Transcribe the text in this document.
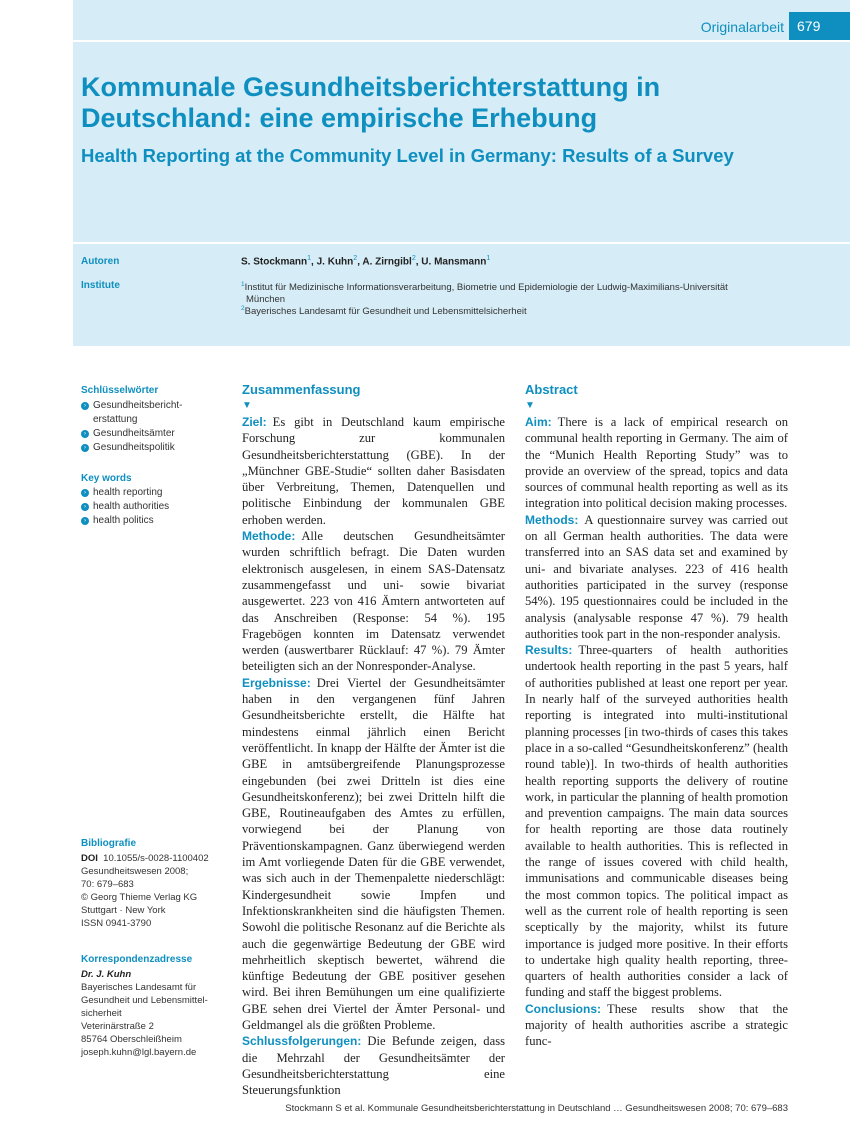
Originalarbeit 679
Kommunale Gesundheitsberichterstattung in Deutschland: eine empirische Erhebung
Health Reporting at the Community Level in Germany: Results of a Survey
Autoren
Institute
S. Stockmann$^1$, J. Kuhn$^2$, A. Zirngibl$^2$, U. Mansmann$^1$
$^1$Institut für Medizinische Informationsverarbeitung, Biometrie und Epidemiologie der Ludwig-Maximilians-Universität
München
$^2$Bayerisches Landesamt für Gesundheit und Lebensmittelsicherheit
Schlüsselwörter
› Gesundheitsbericht-
erstattung
› Gesundheitsämter
› Gesundheitspolitik
Key words
› health reporting
› health authorities
› health politics
Bibliografie
DOI 10.1055/s-0028-1100402
Gesundheitswesen 2008;
70: 679–683
© Georg Thieme Verlag KG
Stuttgart · New York
ISSN 0941-3790
Korrespondenzadresse
Dr. J. Kuhn
Bayerisches Landesamt für
Gesundheit und Lebensmittel-
sicherheit
Veterinärstraße 2
85764 Oberschleißheim
joseph.kuhn@lgl.bayern.de
Zusammenfassung
▼

Ziel: Es gibt in Deutschland kaum empirische Forschung zur kommunalen Gesundheitsberichterstattung (GBE). In der „Münchner GBE-Studie“ sollten daher Basisdaten über Verbreitung, Themen, Datenquellen und politische Einbindung der kommunalen GBE erhoben werden.

Methode: Alle deutschen Gesundheitsämter wurden schriftlich befragt. Die Daten wurden elektronisch ausgelesen, in einem SAS-Datensatz zusammengefasst und uni- sowie bivariat ausgewertet. 223 von 416 Ämtern antworteten auf das Anschreiben (Response: 54 %). 195 Fragebögen konnten im Datensatz verwendet werden (auswertbarer Rücklauf: 47 %). 79 Ämter beteiligten sich an der Nonresponder-Analyse.

Ergebnisse: Drei Viertel der Gesundheitsämter haben in den vergangenen fünf Jahren Gesundheitsberichte erstellt, die Hälfte hat mindestens einmal jährlich einen Bericht veröffentlicht. In knapp der Hälfte der Ämter ist die GBE in amtsübergreifende Planungsprozesse eingebunden (bei zwei Dritteln ist dies eine Gesundheitskonferenz); bei zwei Dritteln hilft die GBE, Routineaufgaben des Amtes zu erfüllen, vorwiegend bei der Planung von Präventionskampagnen. Ganz überwiegend werden im Amt vorliegende Daten für die GBE verwendet, was sich auch in der Themenpalette niederschlägt: Kindergesundheit sowie Impfen und Infektionskrankheiten sind die häufigsten Themen. Sowohl die politische Resonanz auf die Berichte als auch die gegenwärtige Bedeutung der GBE wird mehrheitlich skeptisch bewertet, während die künftige Bedeutung der GBE positiver gesehen wird. Bei ihren Bemühungen um eine qualifizierte GBE sehen drei Viertel der Ämter Personal- und Geldmangel als die größten Probleme.

Schlussfolgerungen: Die Befunde zeigen, dass die Mehrzahl der Gesundheitsämter der Gesundheitsberichterstattung eine Steuerungsfunktion

Abstract
▼

Aim: There is a lack of empirical research on communal health reporting in Germany. The aim of the “Munich Health Reporting Study” was to provide an overview of the spread, topics and data sources of communal health reporting as well as its integration into political decision making processes.

Methods: A questionnaire survey was carried out on all German health authorities. The data were transferred into an SAS data set and examined by uni- and bivariate analyses. 223 of 416 health authorities participated in the survey (response 54%). 195 questionnaires could be included in the analysis (analysable response 47 %). 79 health authorities took part in the non-responder analysis.

Results: Three-quarters of health authorities undertook health reporting in the past 5 years, half of authorities published at least one report per year. In nearly half of the surveyed authorities health reporting is integrated into multi-institutional planning processes [in two-thirds of cases this takes place in a so-called “Gesundheitskonferenz” (health round table)]. In two-thirds of health authorities health reporting supports the delivery of routine work, in particular the planning of health promotion and prevention campaigns. The main data sources for health reporting are those data routinely available to health authorities. This is reflected in the range of issues covered with child health, immunisations and communicable diseases being the most common topics. The political impact as well as the current role of health reporting is seen sceptically by the majority, whilst its future importance is judged more positive. In their efforts to undertake high quality health reporting, three-quarters of health authorities consider a lack of funding and staff the biggest problems.

Conclusions: These results show that the majority of health authorities ascribe a strategic func-

Stockmann S et al. Kommunale Gesundheitsberichterstattung in Deutschland … Gesundheitswesen 2008; 70: 679–683
